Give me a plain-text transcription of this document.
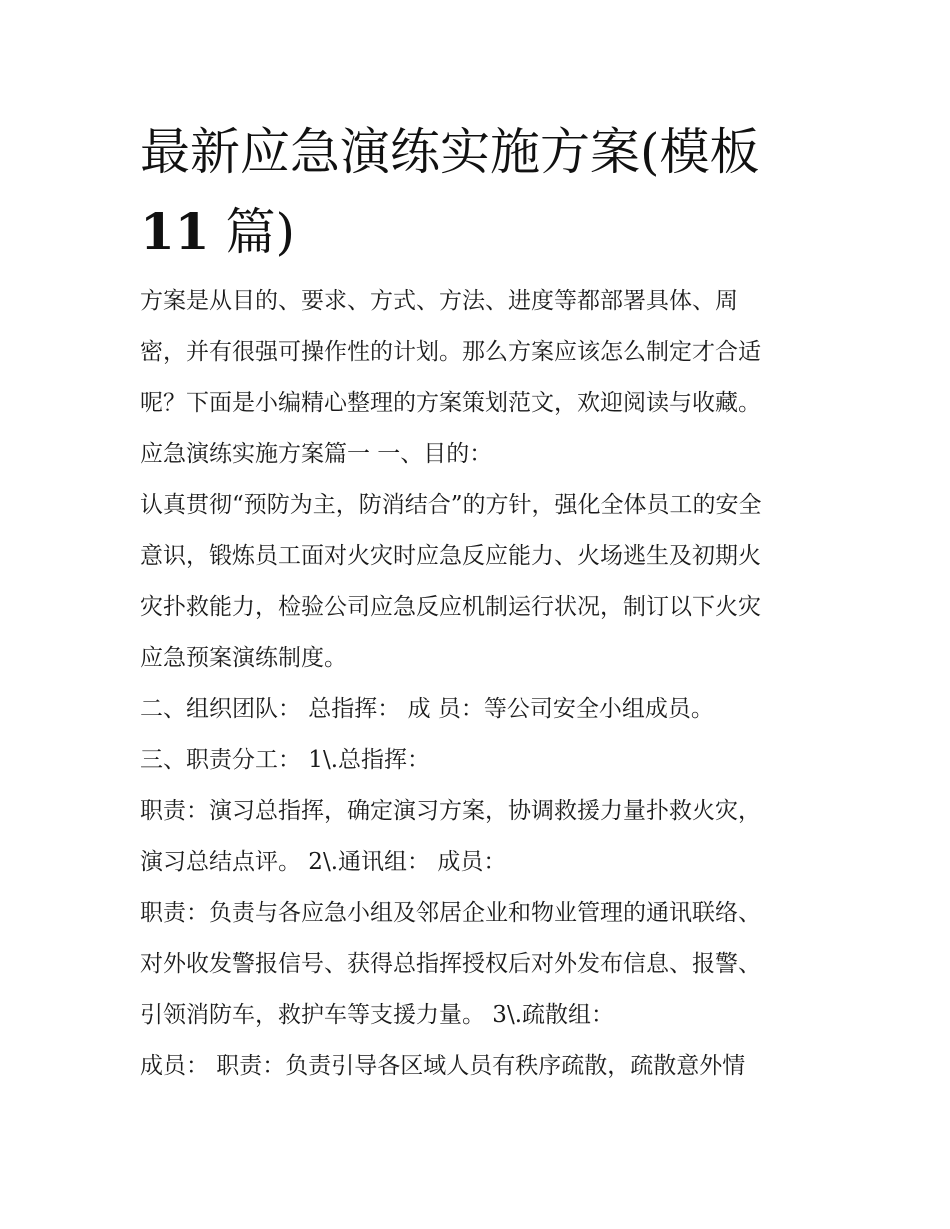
最新应急演练实施方案(模板
11 篇)

方案是从目的、要求、方式、方法、进度等都部署具体、周

密，并有很强可操作性的计划。那么方案应该怎么制定才合适

呢？下面是小编精心整理的方案策划范文，欢迎阅读与收藏。

应急演练实施方案篇一 一、目的：

认真贯彻“预防为主，防消结合”的方针，强化全体员工的安全

意识，锻炼员工面对火灾时应急反应能力、火场逃生及初期火

灾扑救能力，检验公司应急反应机制运行状况，制订以下火灾

应急预案演练制度。

二、组织团队： 总指挥： 成 员：等公司安全小组成员。

三、职责分工： 1\.总指挥：

职责：演习总指挥，确定演习方案，协调救援力量扑救火灾，

演习总结点评。 2\.通讯组： 成员：

职责：负责与各应急小组及邻居企业和物业管理的通讯联络、

对外收发警报信号、获得总指挥授权后对外发布信息、报警、

引领消防车，救护车等支援力量。 3\.疏散组：

成员： 职责：负责引导各区域人员有秩序疏散，疏散意外情
